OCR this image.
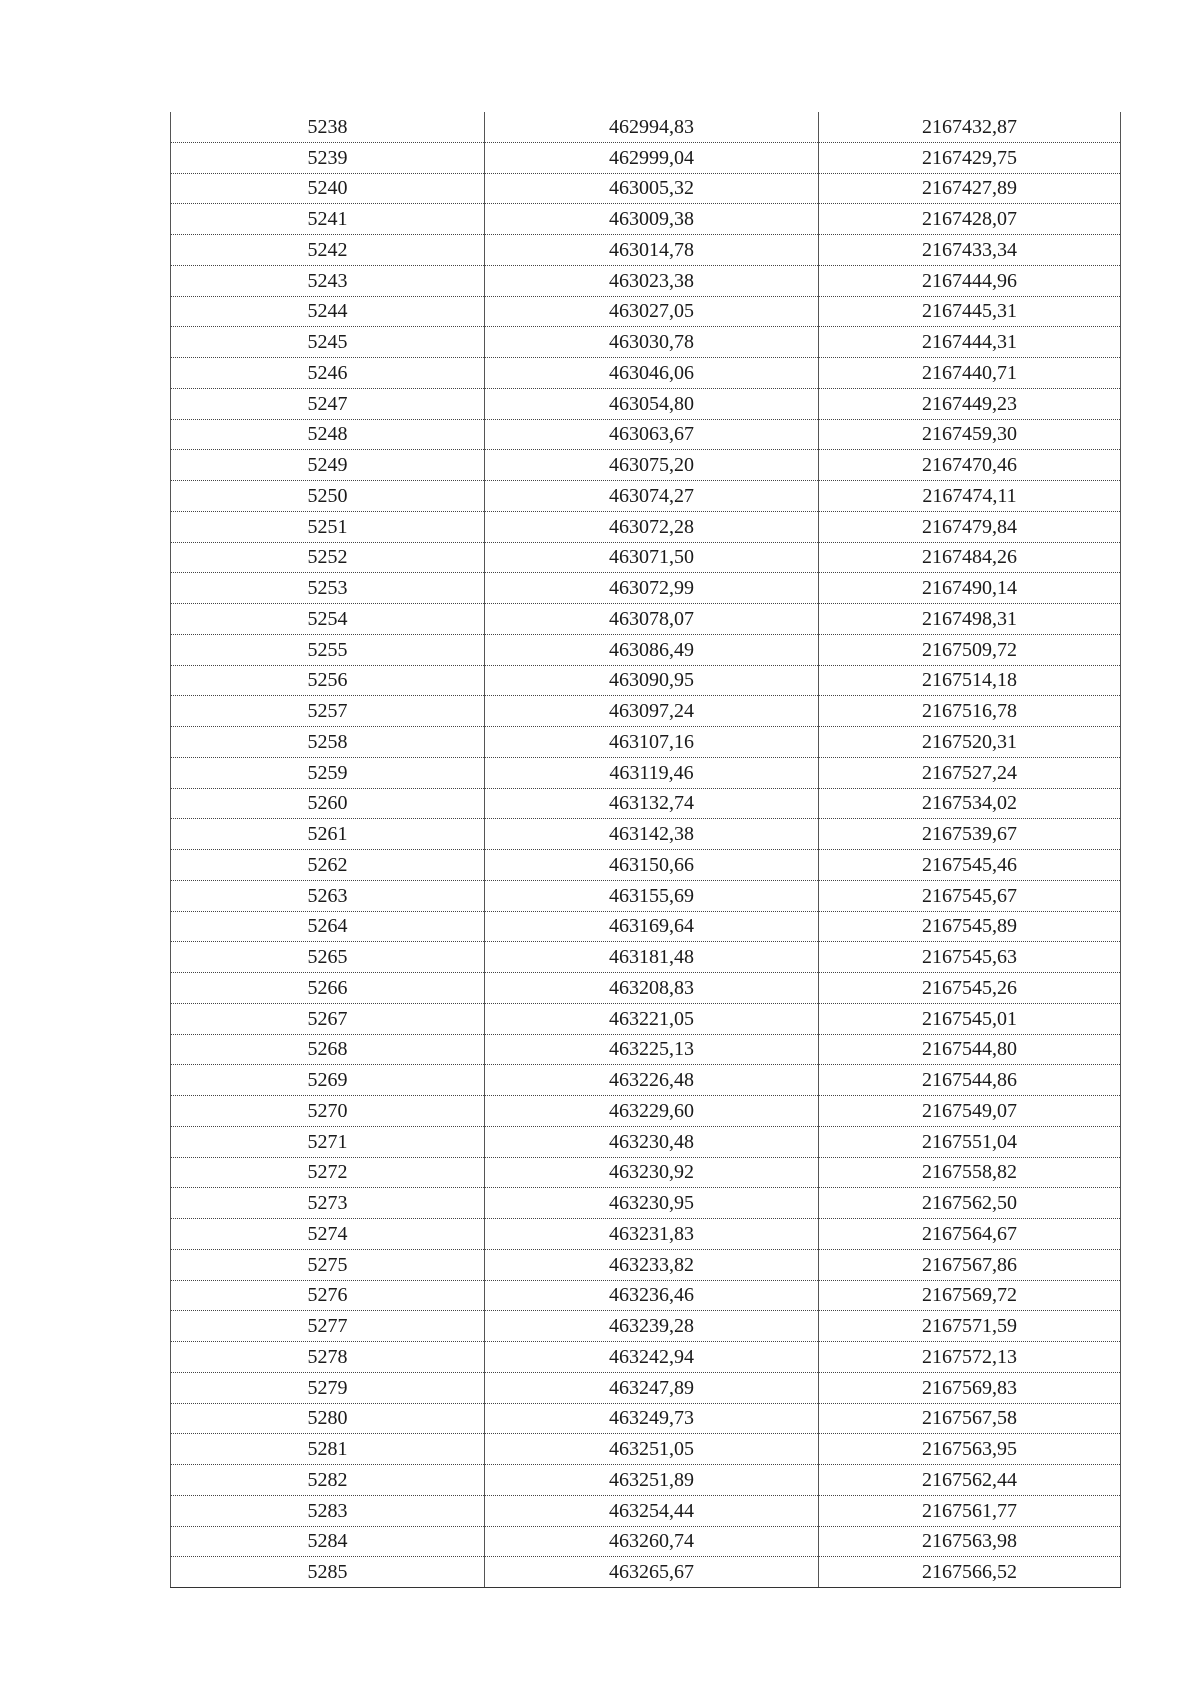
5238	462994,83	2167432,87
5239	462999,04	2167429,75
5240	463005,32	2167427,89
5241	463009,38	2167428,07
5242	463014,78	2167433,34
5243	463023,38	2167444,96
5244	463027,05	2167445,31
5245	463030,78	2167444,31
5246	463046,06	2167440,71
5247	463054,80	2167449,23
5248	463063,67	2167459,30
5249	463075,20	2167470,46
5250	463074,27	2167474,11
5251	463072,28	2167479,84
5252	463071,50	2167484,26
5253	463072,99	2167490,14
5254	463078,07	2167498,31
5255	463086,49	2167509,72
5256	463090,95	2167514,18
5257	463097,24	2167516,78
5258	463107,16	2167520,31
5259	463119,46	2167527,24
5260	463132,74	2167534,02
5261	463142,38	2167539,67
5262	463150,66	2167545,46
5263	463155,69	2167545,67
5264	463169,64	2167545,89
5265	463181,48	2167545,63
5266	463208,83	2167545,26
5267	463221,05	2167545,01
5268	463225,13	2167544,80
5269	463226,48	2167544,86
5270	463229,60	2167549,07
5271	463230,48	2167551,04
5272	463230,92	2167558,82
5273	463230,95	2167562,50
5274	463231,83	2167564,67
5275	463233,82	2167567,86
5276	463236,46	2167569,72
5277	463239,28	2167571,59
5278	463242,94	2167572,13
5279	463247,89	2167569,83
5280	463249,73	2167567,58
5281	463251,05	2167563,95
5282	463251,89	2167562,44
5283	463254,44	2167561,77
5284	463260,74	2167563,98
5285	463265,67	2167566,52
